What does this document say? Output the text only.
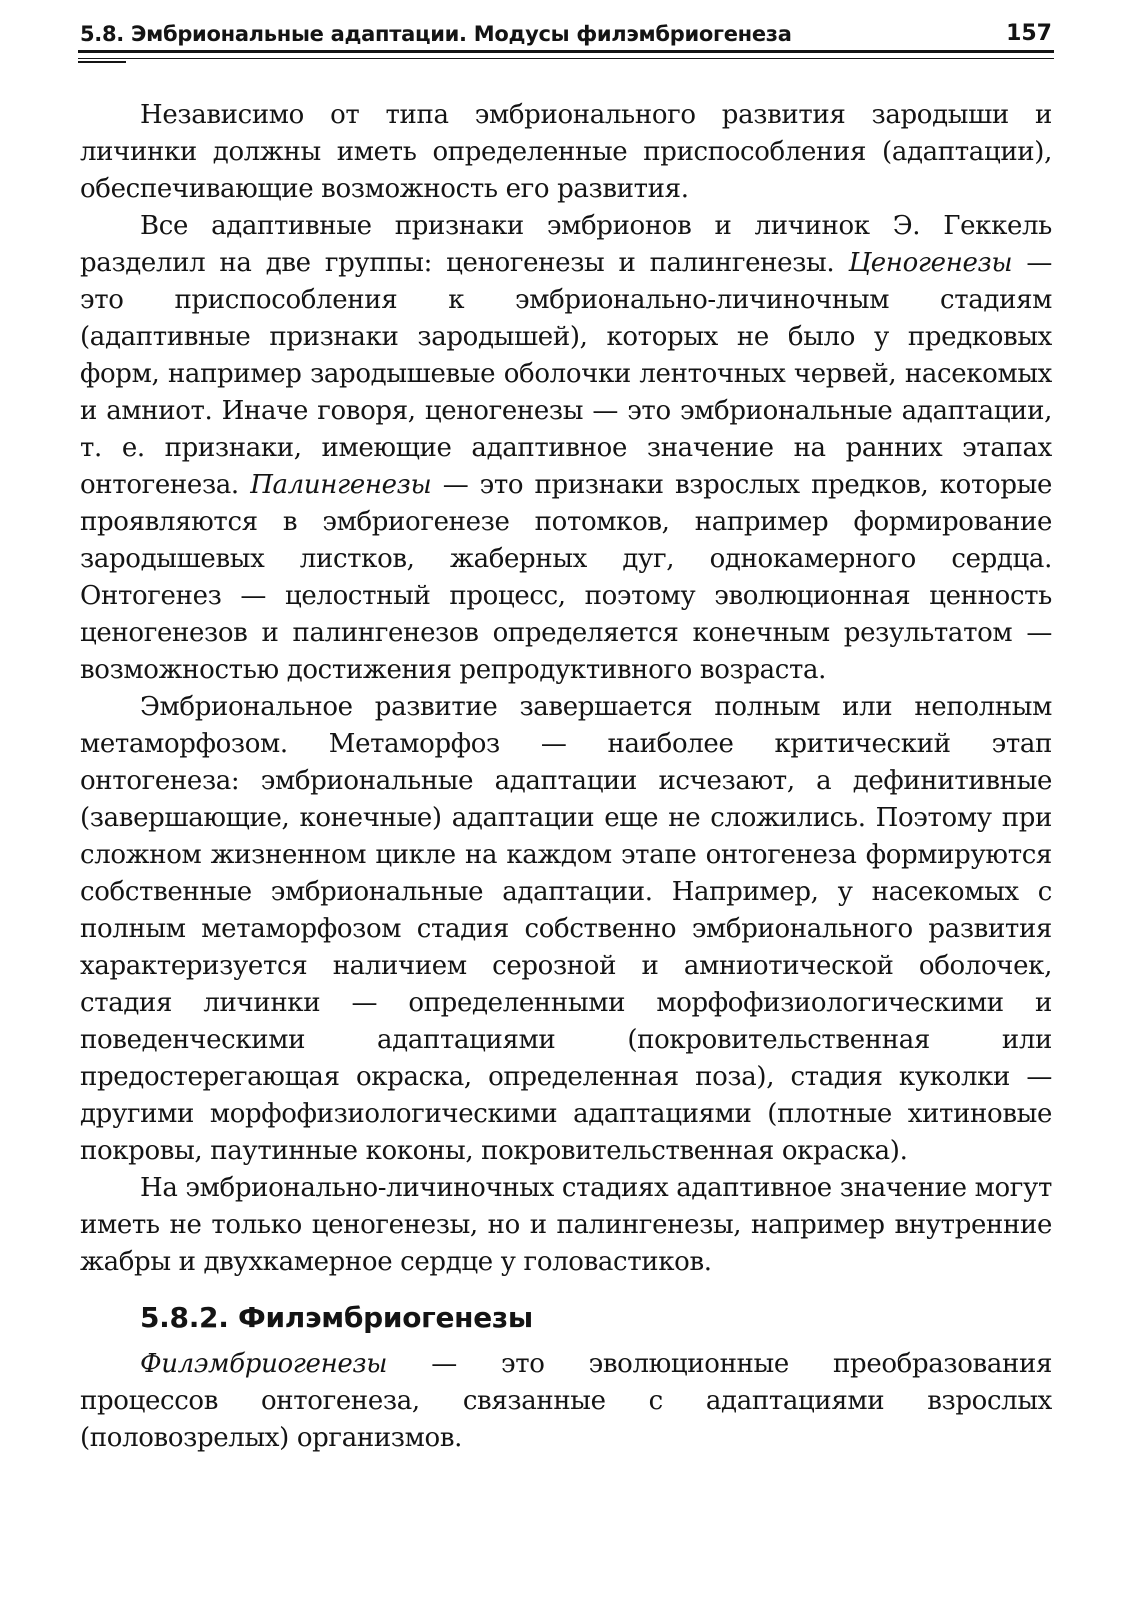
5.8. Эмбриональные адаптации. Модусы филэмбриогенеза	157

Независимо от типа эмбрионального развития зародыши и личинки должны иметь определенные приспособления (адаптации), обеспечивающие возможность его развития.

Все адаптивные признаки эмбрионов и личинок Э. Геккель разделил на две группы: ценогенезы и палингенезы. Ценогенезы — это приспособления к эмбрионально-личиночным стадиям (адаптивные признаки зародышей), которых не было у предковых форм, например зародышевые оболочки ленточных червей, насекомых и амниот. Иначе говоря, ценогенезы — это эмбриональные адаптации, т. е. признаки, имеющие адаптивное значение на ранних этапах онтогенеза. Палингенезы — это признаки взрослых предков, которые проявляются в эмбриогенезе потомков, например формирование зародышевых листков, жаберных дуг, однокамерного сердца. Онтогенез — целостный процесс, поэтому эволюционная ценность ценогенезов и палингенезов определяется конечным результатом — возможностью достижения репродуктивного возраста.

Эмбриональное развитие завершается полным или неполным метаморфозом. Метаморфоз — наиболее критический этап онтогенеза: эмбриональные адаптации исчезают, а дефинитивные (завершающие, конечные) адаптации еще не сложились. Поэтому при сложном жизненном цикле на каждом этапе онтогенеза формируются собственные эмбриональные адаптации. Например, у насекомых с полным метаморфозом стадия собственно эмбрионального развития характеризуется наличием серозной и амниотической оболочек, стадия личинки — определенными морфофизиологическими и поведенческими адаптациями (покровительственная или предостерегающая окраска, определенная поза), стадия куколки — другими морфофизиологическими адаптациями (плотные хитиновые покровы, паутинные коконы, покровительственная окраска).

На эмбрионально-личиночных стадиях адаптивное значение могут иметь не только ценогенезы, но и палингенезы, например внутренние жабры и двухкамерное сердце у головастиков.

5.8.2. Филэмбриогенезы

Филэмбриогенезы — это эволюционные преобразования процессов онтогенеза, связанные с адаптациями взрослых (половозрелых) организмов.
